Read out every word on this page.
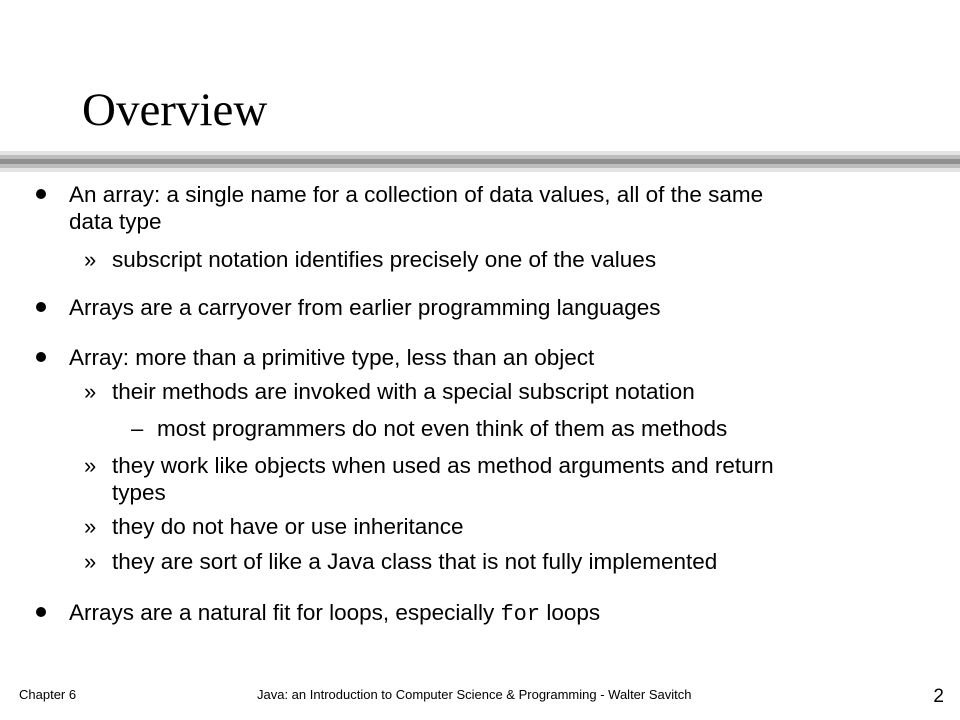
Overview
An array: a single name for a collection of data values, all of the same
data type
» subscript notation identifies precisely one of the values
Arrays are a carryover from earlier programming languages
Array: more than a primitive type, less than an object
» their methods are invoked with a special subscript notation
– most programmers do not even think of them as methods
» they work like objects when used as method arguments and return
types
» they do not have or use inheritance
» they are sort of like a Java class that is not fully implemented
Arrays are a natural fit for loops, especially for loops
Chapter 6	Java: an Introduction to Computer Science & Programming - Walter Savitch	2
